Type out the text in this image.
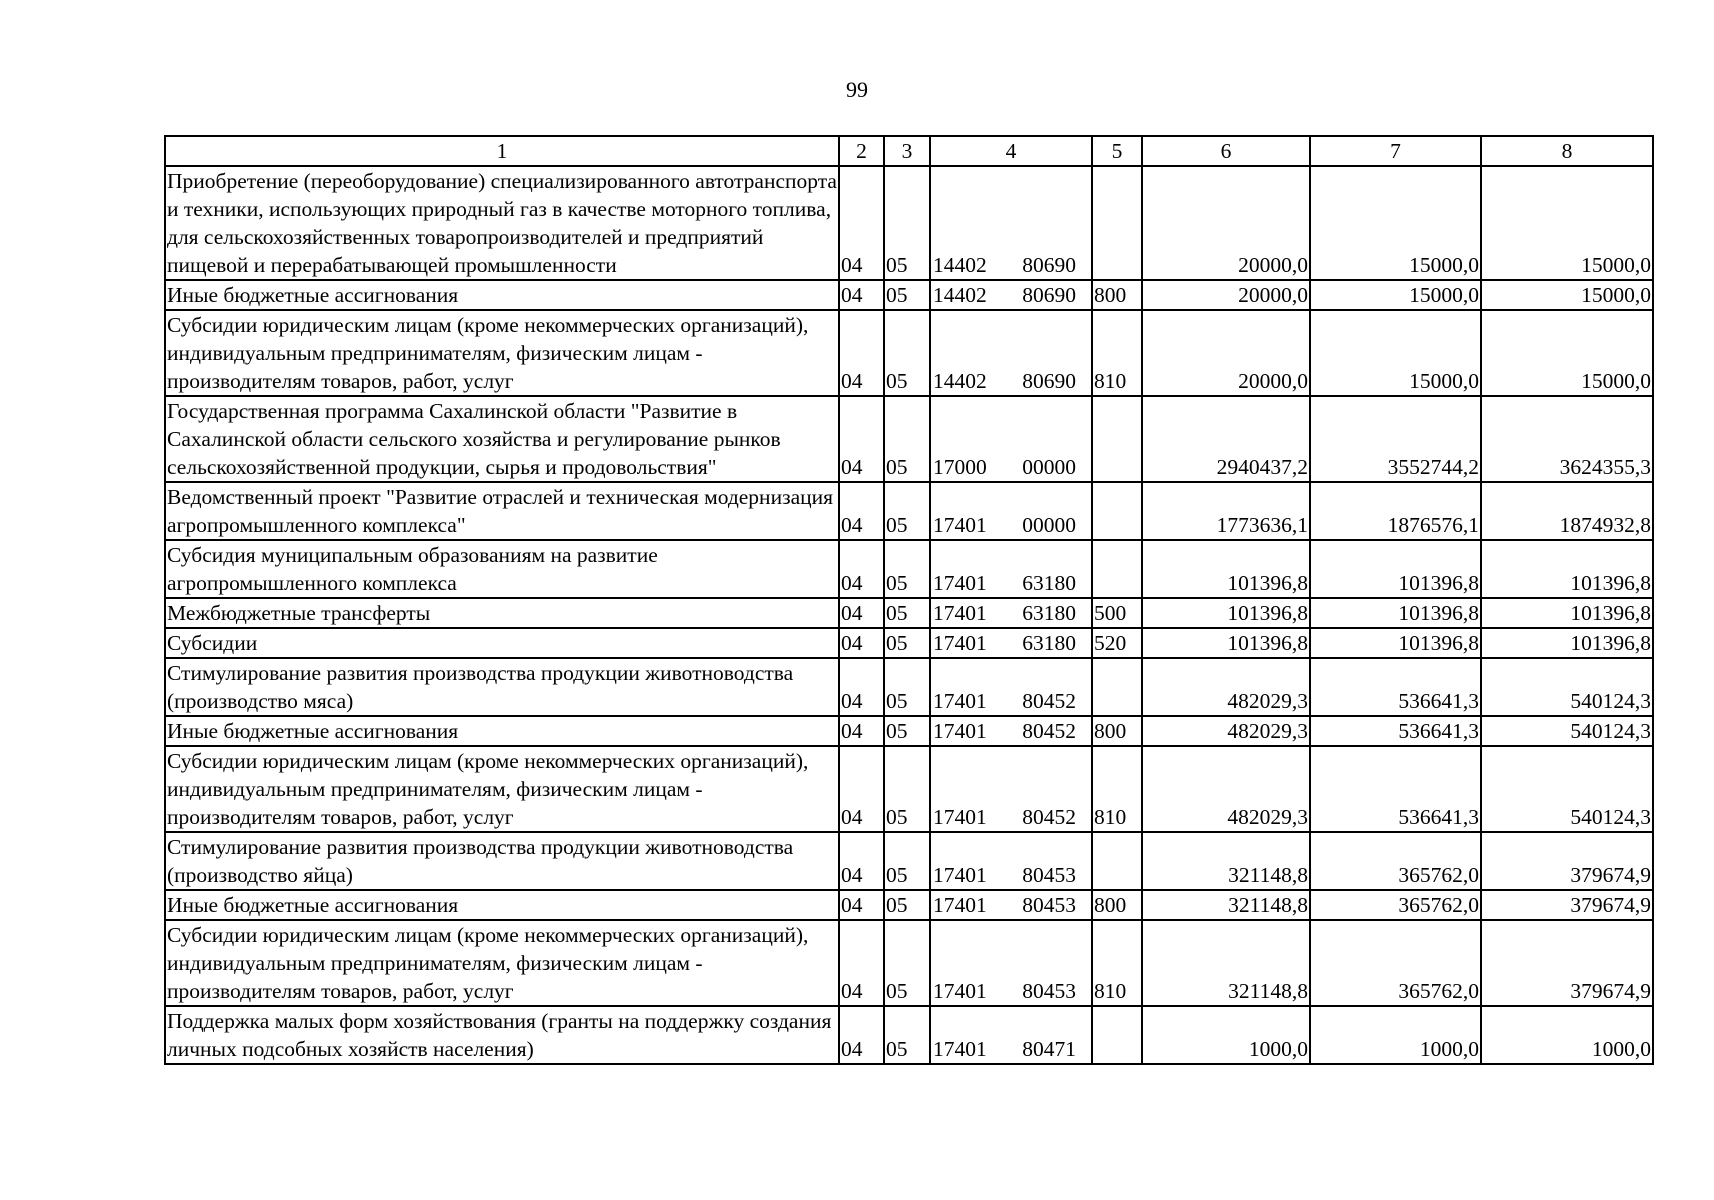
99
1	2	3	4	5	6	7	8
Приобретение (переоборудование) специализированного автотранспорта и техники, использующих природный газ в качестве моторного топлива, для сельскохозяйственных товаропроизводителей и предприятий пищевой и перерабатывающей промышленности	04	05	14402 80690		20000,0	15000,0	15000,0
Иные бюджетные ассигнования	04	05	14402 80690	800	20000,0	15000,0	15000,0
Субсидии юридическим лицам (кроме некоммерческих организаций), индивидуальным предпринимателям, физическим лицам - производителям товаров, работ, услуг	04	05	14402 80690	810	20000,0	15000,0	15000,0
Государственная программа Сахалинской области "Развитие в Сахалинской области сельского хозяйства и регулирование рынков сельскохозяйственной продукции, сырья и продовольствия"	04	05	17000 00000		2940437,2	3552744,2	3624355,3
Ведомственный проект "Развитие отраслей и техническая модернизация агропромышленного комплекса"	04	05	17401 00000		1773636,1	1876576,1	1874932,8
Субсидия муниципальным образованиям на развитие агропромышленного комплекса	04	05	17401 63180		101396,8	101396,8	101396,8
Межбюджетные трансферты	04	05	17401 63180	500	101396,8	101396,8	101396,8
Субсидии	04	05	17401 63180	520	101396,8	101396,8	101396,8
Стимулирование развития производства продукции животноводства (производство мяса)	04	05	17401 80452		482029,3	536641,3	540124,3
Иные бюджетные ассигнования	04	05	17401 80452	800	482029,3	536641,3	540124,3
Субсидии юридическим лицам (кроме некоммерческих организаций), индивидуальным предпринимателям, физическим лицам - производителям товаров, работ, услуг	04	05	17401 80452	810	482029,3	536641,3	540124,3
Стимулирование развития производства продукции животноводства (производство яйца)	04	05	17401 80453		321148,8	365762,0	379674,9
Иные бюджетные ассигнования	04	05	17401 80453	800	321148,8	365762,0	379674,9
Субсидии юридическим лицам (кроме некоммерческих организаций), индивидуальным предпринимателям, физическим лицам - производителям товаров, работ, услуг	04	05	17401 80453	810	321148,8	365762,0	379674,9
Поддержка малых форм хозяйствования (гранты на поддержку создания личных подсобных хозяйств населения)	04	05	17401 80471		1000,0	1000,0	1000,0
